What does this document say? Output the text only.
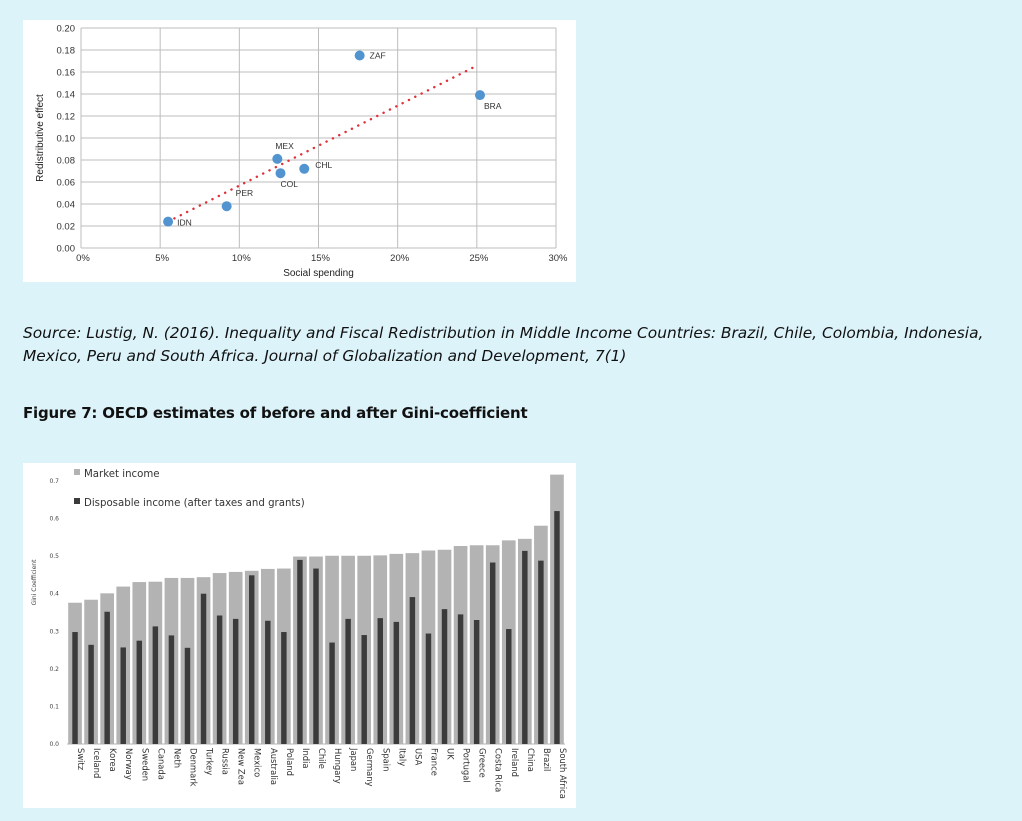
0.00
0.02
0.04
0.06
0.08
0.10
0.12
0.14
0.16
0.18
0.20
0%	5%	10%	15%	20%	25%	30%
Social spending
Redistributive effect
IDN
PER
MEX
COL
CHL
ZAF
BRA
Source: Lustig, N. (2016). Inequality and Fiscal Redistribution in Middle Income Countries: Brazil, Chile, Colombia, Indonesia, Mexico, Peru and South Africa. Journal of Globalization and Development, 7(1)
Figure 7: OECD estimates of before and after Gini-coefficient
0.0
0.1
0.2
0.3
0.4
0.5
0.6
0.7
Gini Coefficient
Switz Iceland Korea Norway Sweden Canada Neth Denmark Turkey Russia New Zea Mexico Australia Poland India Chile Hungary Japan Germany Spain Italy USA France UK Portugal Greece Costa Rica Ireland China Brazil South Africa
Market income
Disposable income (after taxes and grants)
